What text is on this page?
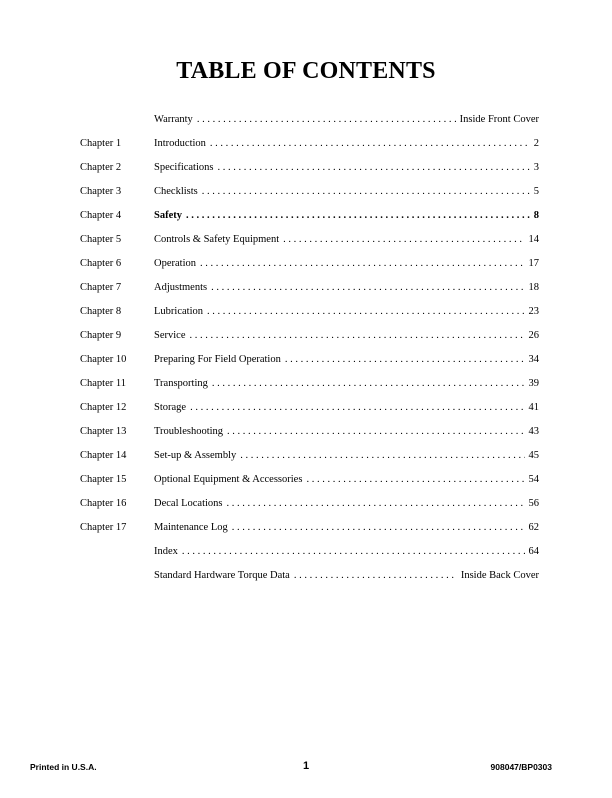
TABLE OF CONTENTS
Warranty . . .	Inside Front Cover
Chapter 1	Introduction . . .	2
Chapter 2	Specifications . . .	3
Chapter 3	Checklists . . .	5
Chapter 4	Safety . . .	8
Chapter 5	Controls & Safety Equipment . . .	14
Chapter 6	Operation . . .	17
Chapter 7	Adjustments . . .	18
Chapter 8	Lubrication . . .	23
Chapter 9	Service . . .	26
Chapter 10	Preparing For Field Operation . . .	34
Chapter 11	Transporting . . .	39
Chapter 12	Storage . . .	41
Chapter 13	Troubleshooting . . .	43
Chapter 14	Set-up & Assembly . . .	45
Chapter 15	Optional Equipment & Accessories . . .	54
Chapter 16	Decal Locations . . .	56
Chapter 17	Maintenance Log . . .	62
Index . . .	64
Standard Hardware Torque Data . . .	Inside Back Cover
Printed in U.S.A.	1	908047/BP0303
